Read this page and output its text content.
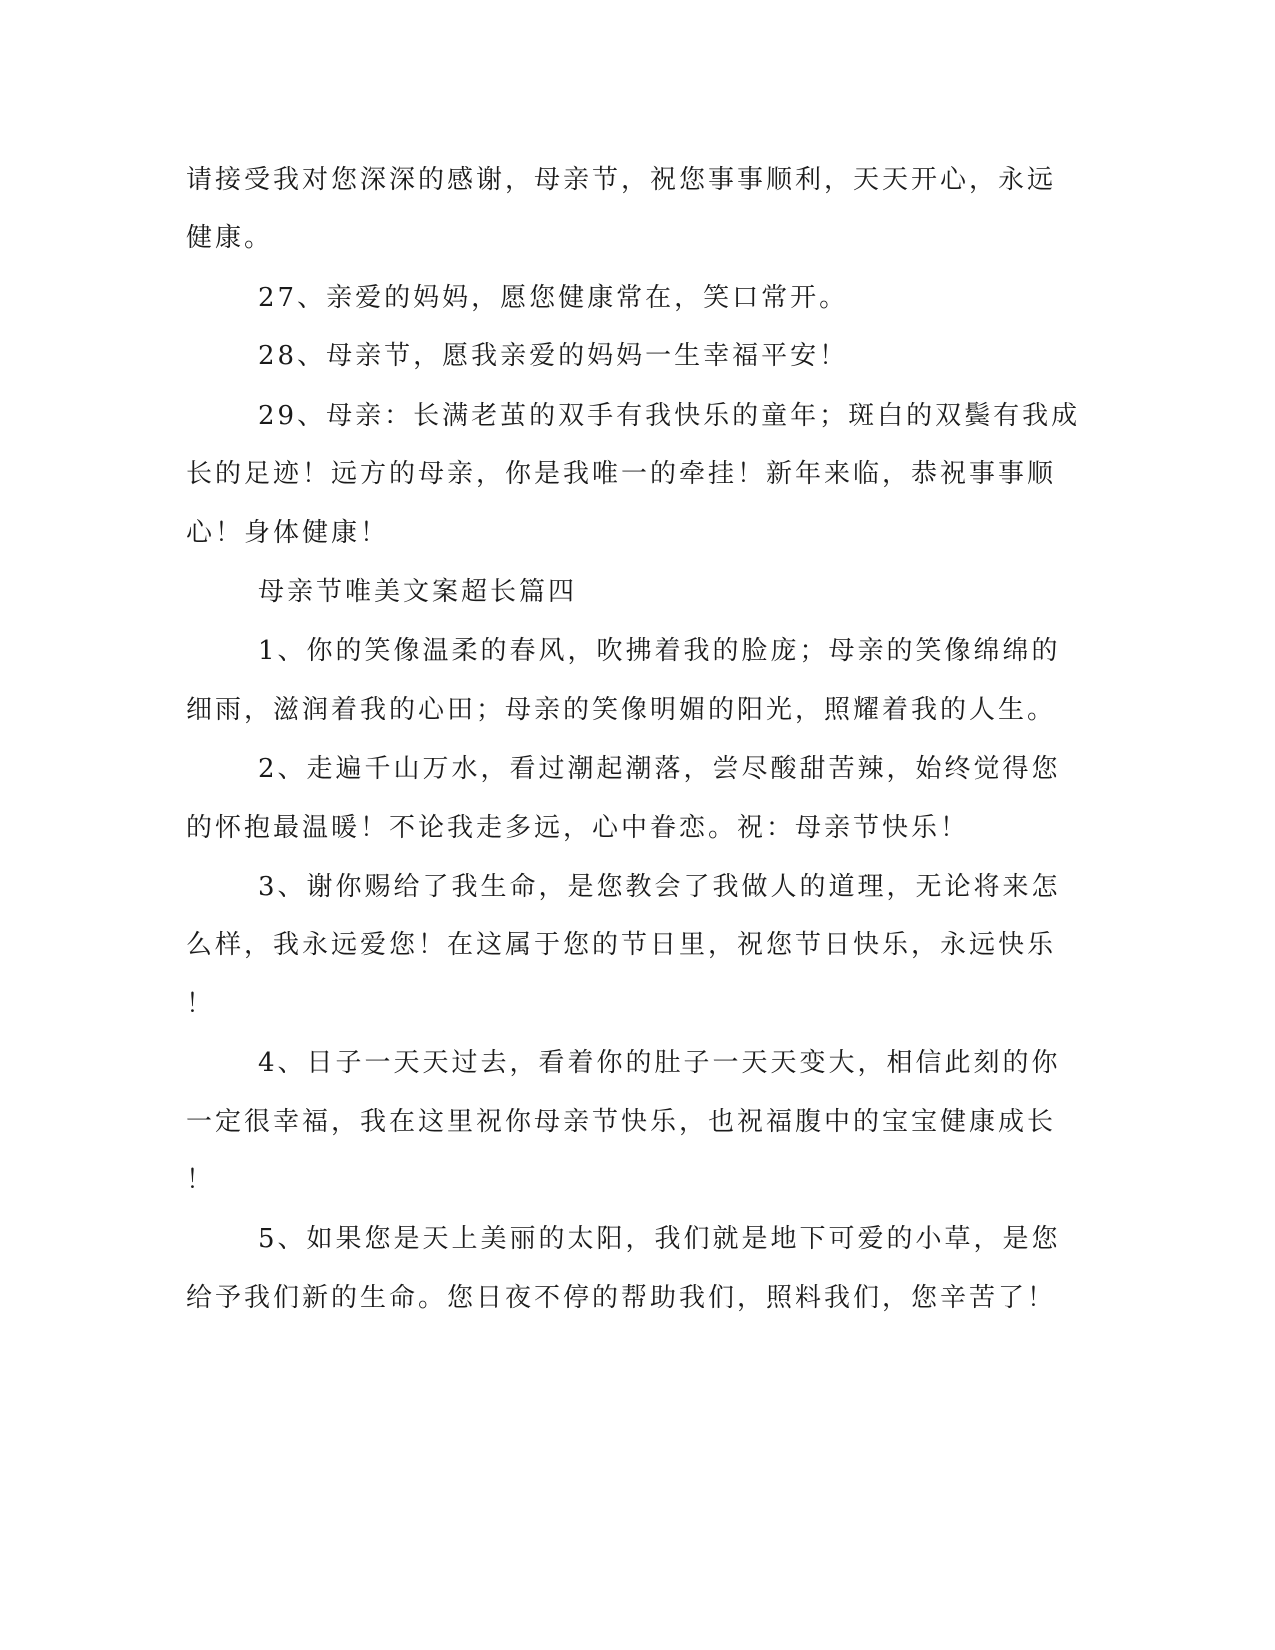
请接受我对您深深的感谢，母亲节，祝您事事顺利，天天开心，永远
健康。
27、亲爱的妈妈，愿您健康常在，笑口常开。
28、母亲节，愿我亲爱的妈妈一生幸福平安！
29、母亲：长满老茧的双手有我快乐的童年；斑白的双鬓有我成
长的足迹！远方的母亲，你是我唯一的牵挂！新年来临，恭祝事事顺
心！身体健康！
母亲节唯美文案超长篇四
1、你的笑像温柔的春风，吹拂着我的脸庞；母亲的笑像绵绵的
细雨，滋润着我的心田；母亲的笑像明媚的阳光，照耀着我的人生。
2、走遍千山万水，看过潮起潮落，尝尽酸甜苦辣，始终觉得您
的怀抱最温暖！不论我走多远，心中眷恋。祝：母亲节快乐！
3、谢你赐给了我生命，是您教会了我做人的道理，无论将来怎
么样，我永远爱您！在这属于您的节日里，祝您节日快乐，永远快乐
！
4、日子一天天过去，看着你的肚子一天天变大，相信此刻的你
一定很幸福，我在这里祝你母亲节快乐，也祝福腹中的宝宝健康成长
！
5、如果您是天上美丽的太阳，我们就是地下可爱的小草，是您
给予我们新的生命。您日夜不停的帮助我们，照料我们，您辛苦了！
